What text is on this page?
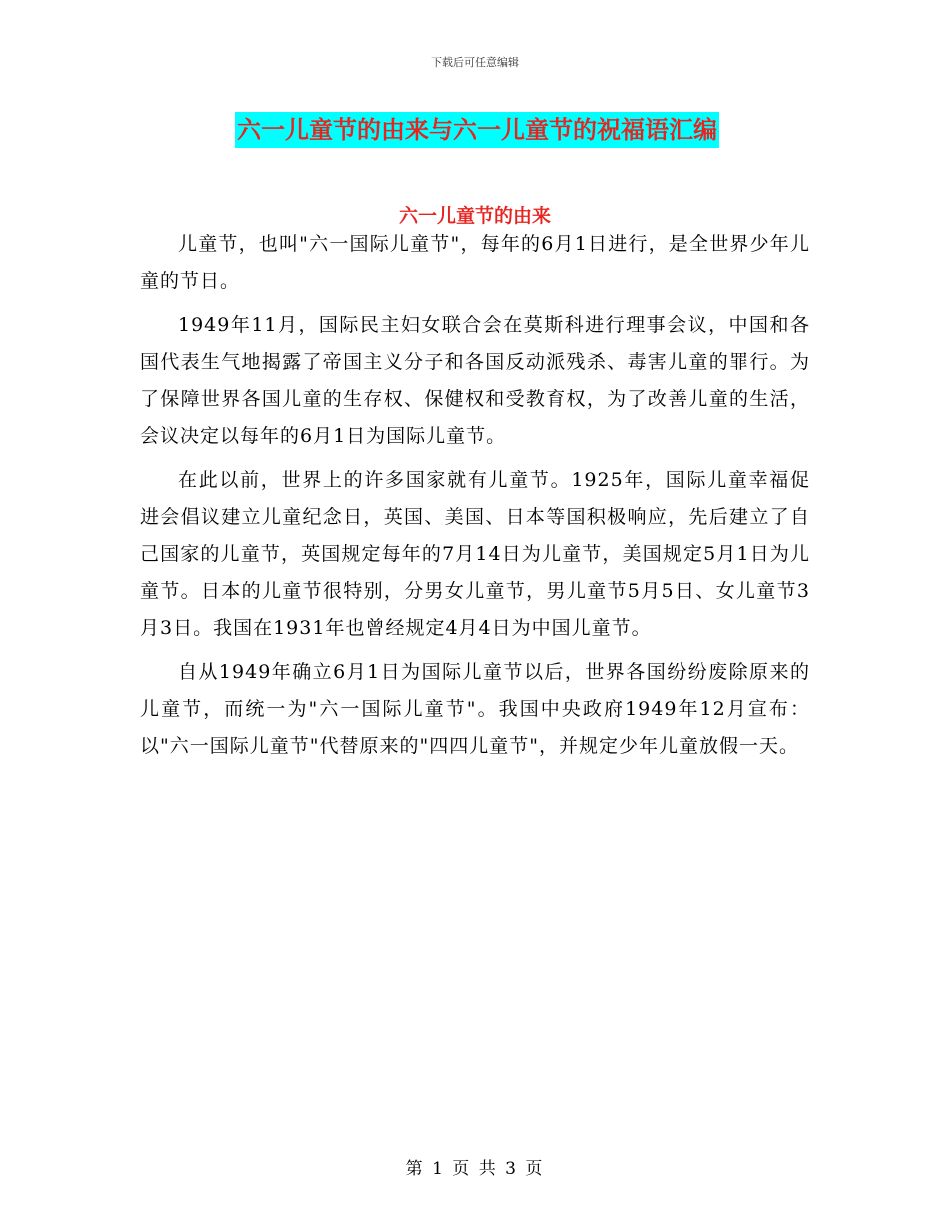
下载后可任意编辑
六一儿童节的由来与六一儿童节的祝福语汇编
六一儿童节的由来

儿童节，也叫"六一国际儿童节"，每年的6月1日进行，是全世界少年儿童的节日。

1949年11月，国际民主妇女联合会在莫斯科进行理事会议，中国和各国代表生气地揭露了帝国主义分子和各国反动派残杀、毒害儿童的罪行。为了保障世界各国儿童的生存权、保健权和受教育权，为了改善儿童的生活，会议决定以每年的6月1日为国际儿童节。

在此以前，世界上的许多国家就有儿童节。1925年，国际儿童幸福促进会倡议建立儿童纪念日，英国、美国、日本等国积极响应，先后建立了自己国家的儿童节，英国规定每年的7月14日为儿童节，美国规定5月1日为儿童节。日本的儿童节很特别，分男女儿童节，男儿童节5月5日、女儿童节3月3日。我国在1931年也曾经规定4月4日为中国儿童节。

自从1949年确立6月1日为国际儿童节以后，世界各国纷纷废除原来的儿童节，而统一为"六一国际儿童节"。我国中央政府1949年12月宣布：以"六一国际儿童节"代替原来的"四四儿童节"，并规定少年儿童放假一天。

第 1 页 共 3 页
